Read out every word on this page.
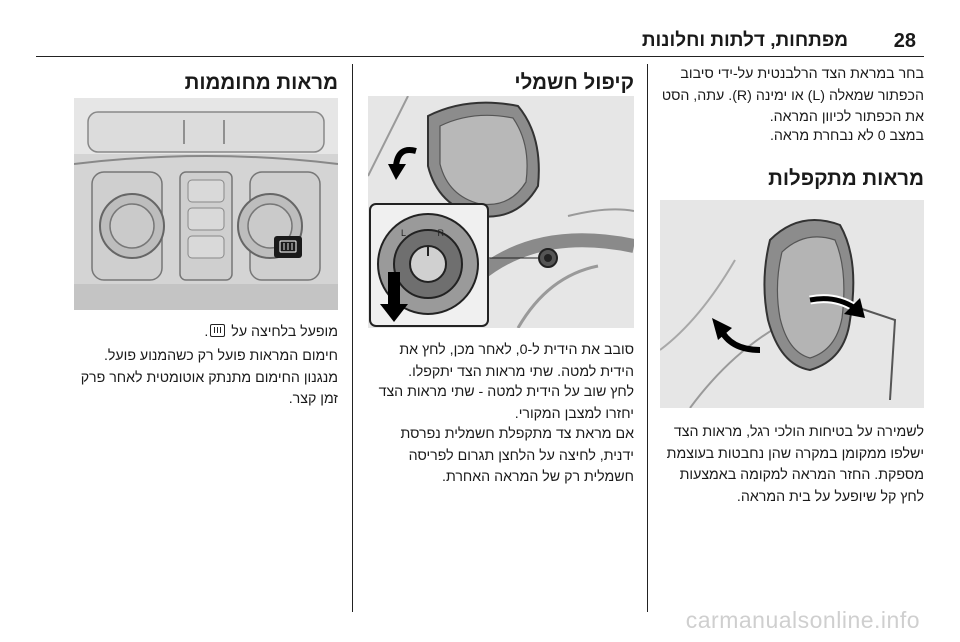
28
מפתחות, דלתות וחלונות

בחר במראת הצד הרלבנטית על-ידי סיבוב הכפתור שמאלה (L) או ימינה (R). עתה, הסט את הכפתור לכיוון המראה.

במצב 0 לא נבחרת מראה.

מראות מתקפלות

לשמירה על בטיחות הולכי רגל, מראות הצד ישלפו ממקומן במקרה שהן נחבטות בעוצמת מספקת. החזר המראה למקומה באמצעות לחץ קל שיופעל על בית המראה.

קיפול חשמלי
L	R

סובב את הידית ל-0, לאחר מכן, לחץ את הידית למטה. שתי מראות הצד יתקפלו.

לחץ שוב על הידית למטה - שתי מראות הצד יחזרו למצבן המקורי.

אם מראת צד מתקפלת חשמלית נפרסת ידנית, לחיצה על הלחצן תגרום לפריסה חשמלית רק של המראה האחרת.

מראות מחוממות

מופעל בלחיצה על
.

חימום המראות פועל רק כשהמנוע פועל. מנגנון החימום מתנתק אוטומטית לאחר פרק זמן קצר.

carmanualsonline.info
